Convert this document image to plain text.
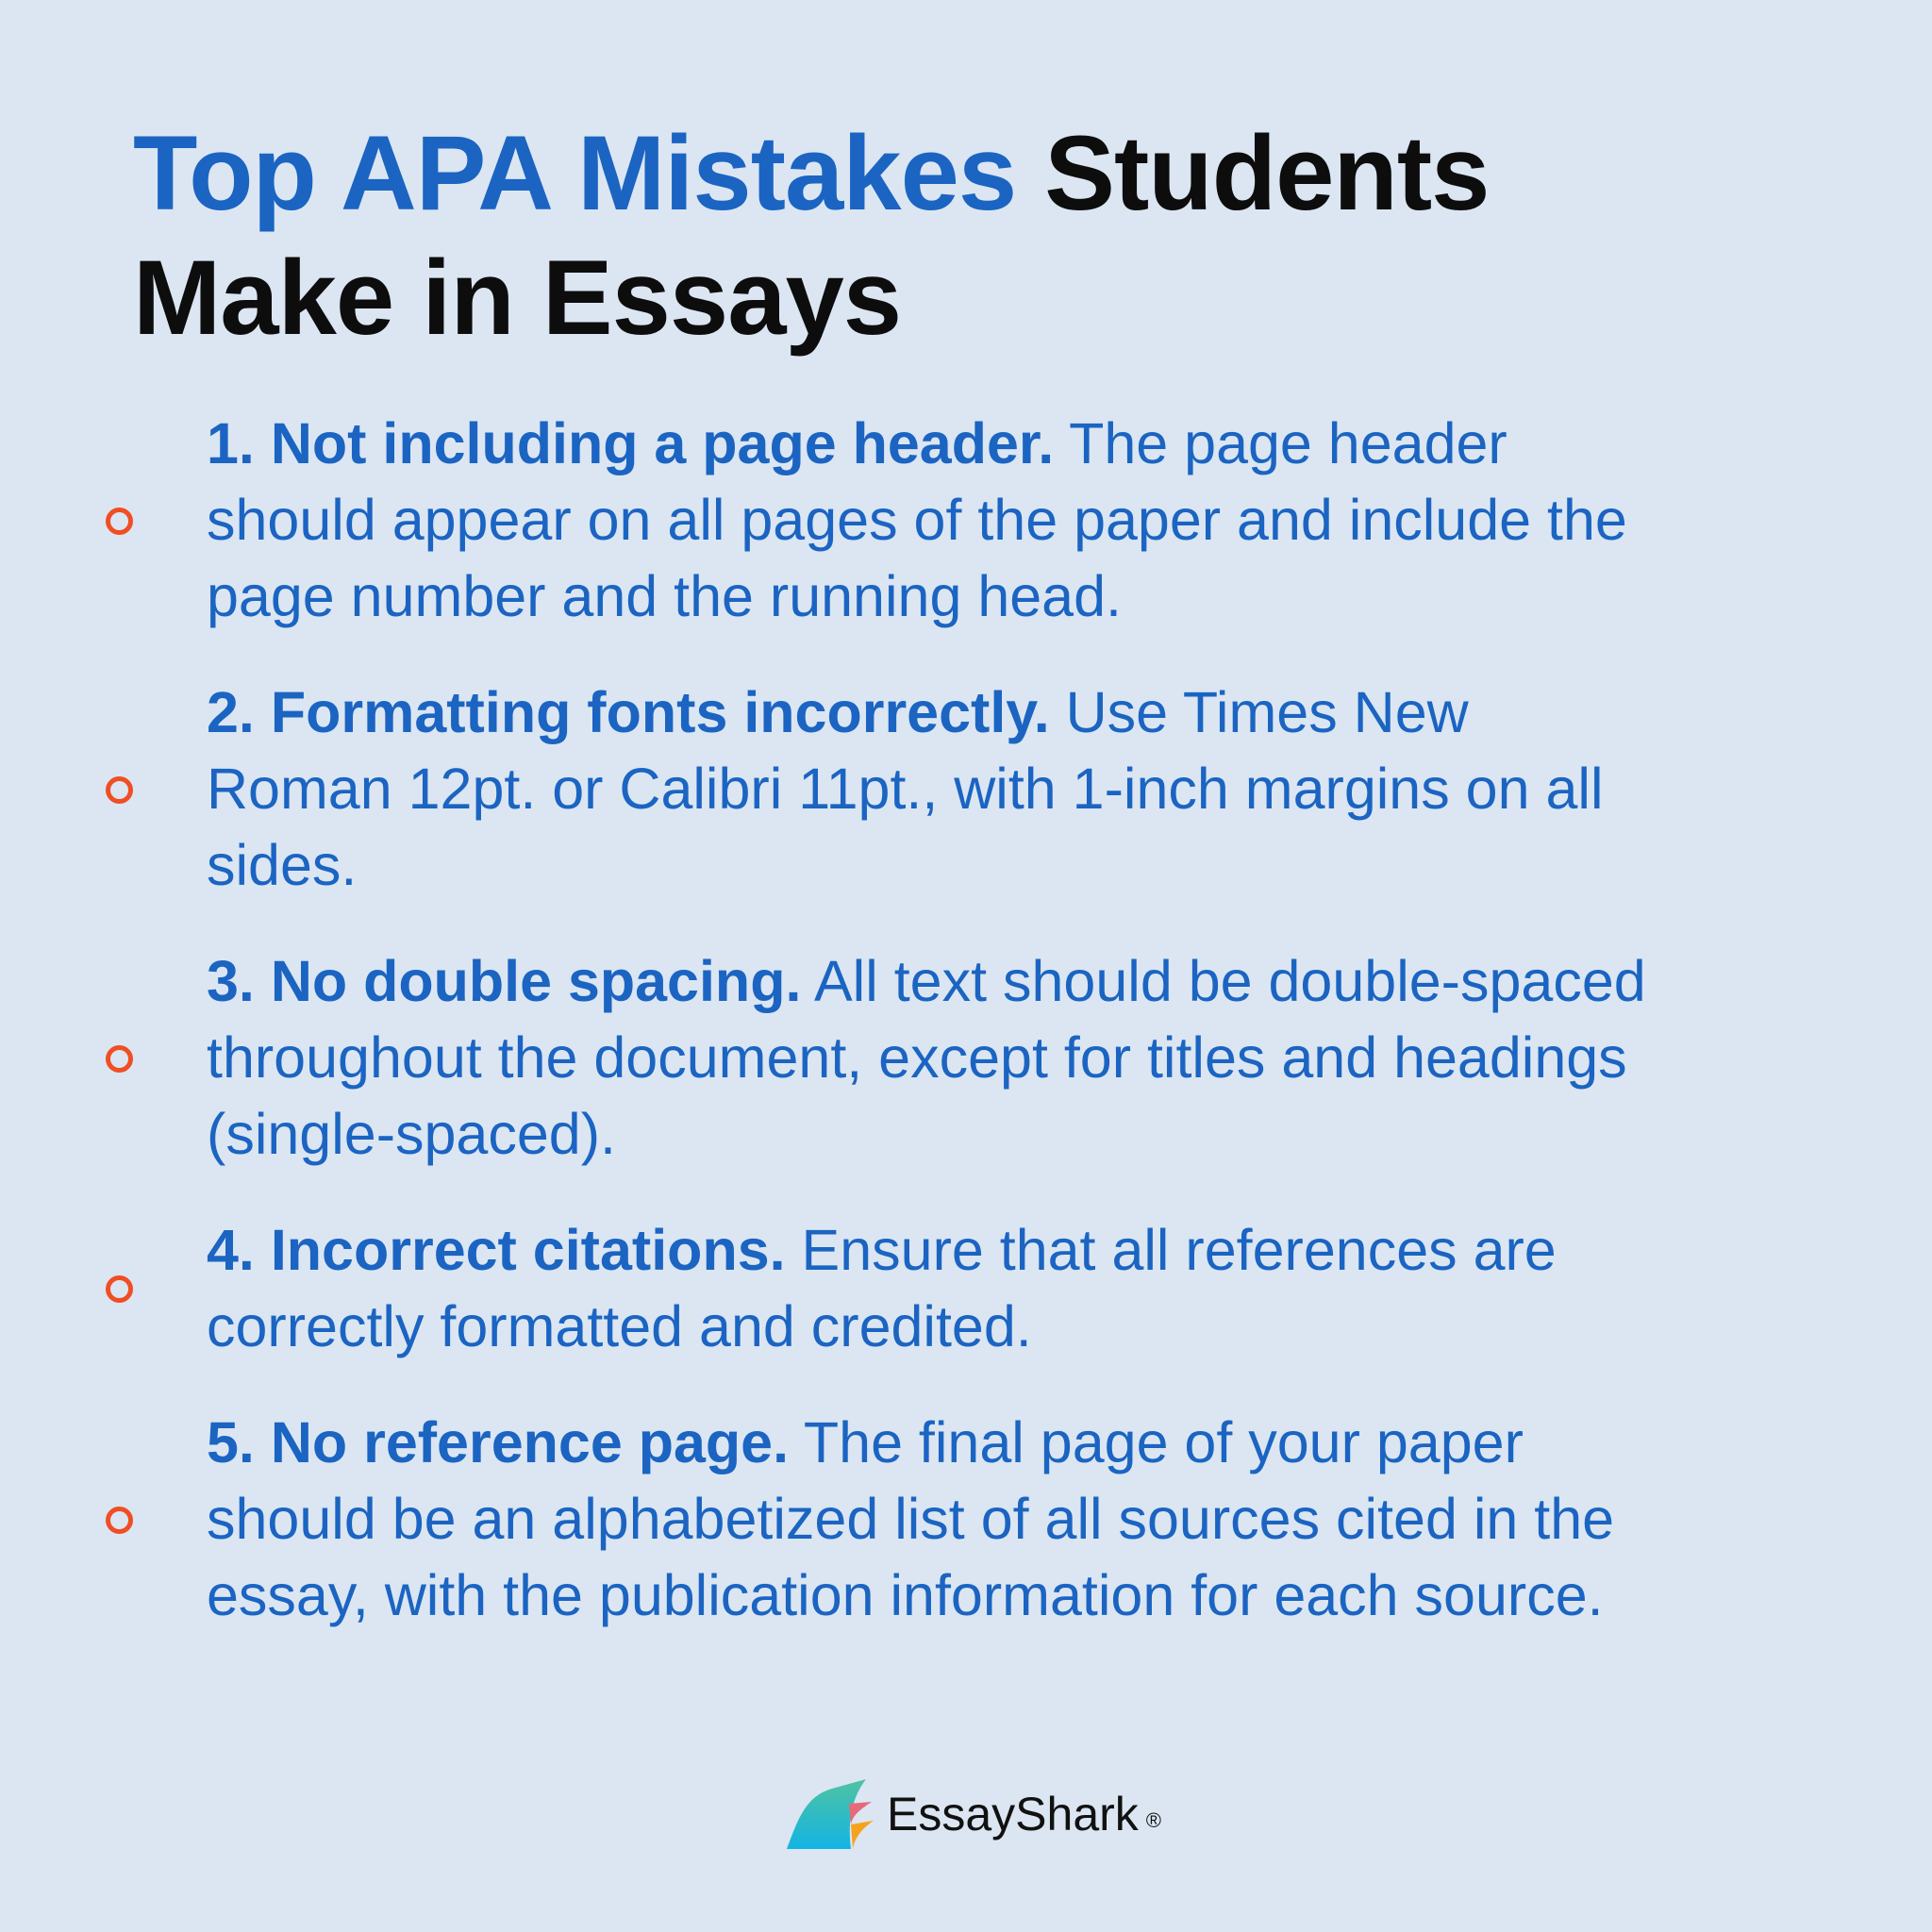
Top APA Mistakes Students Make in Essays
1. Not including a page header. The page header should appear on all pages of the paper and include the page number and the running head.
2. Formatting fonts incorrectly. Use Times New Roman 12pt. or Calibri 11pt., with 1-inch margins on all sides.
3. No double spacing. All text should be double-spaced throughout the document, except for titles and headings (single-spaced).
4. Incorrect citations. Ensure that all references are correctly formatted and credited.
5. No reference page. The final page of your paper should be an alphabetized list of all sources cited in the essay, with the publication information for each source.
EssayShark ®
